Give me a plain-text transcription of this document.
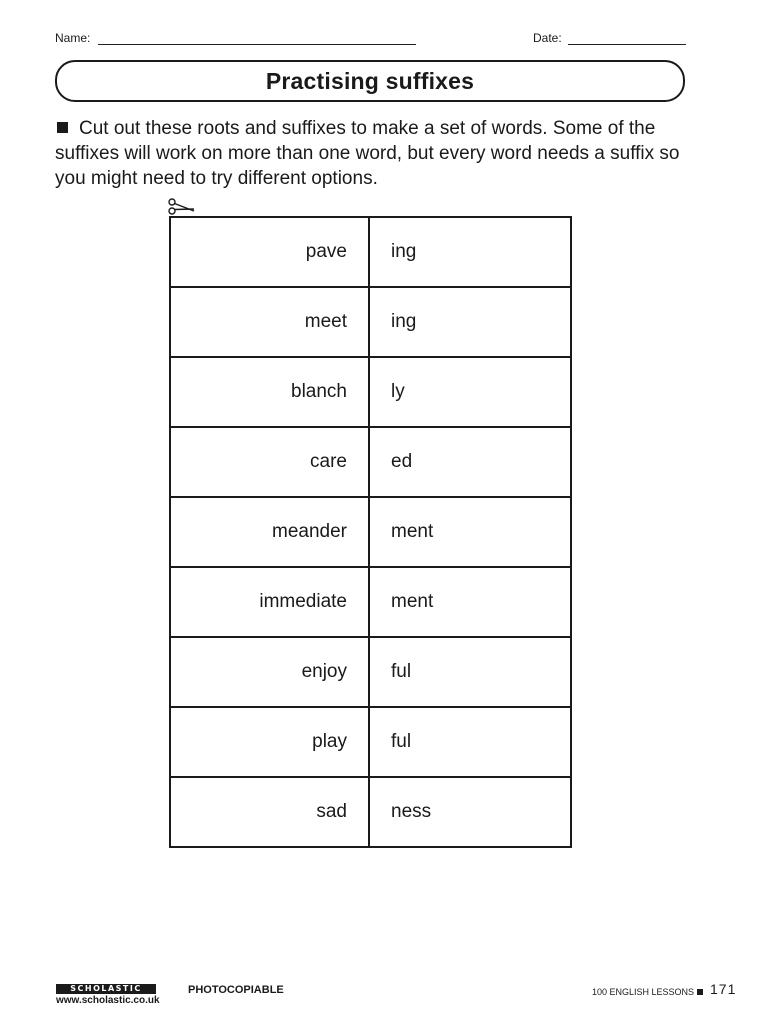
Name:	Date:
Practising suffixes

Cut out these roots and suffixes to make a set of words. Some of the suffixes will work on more than one word, but every word needs a suffix so you might need to try different options.

pave	ing
meet	ing
blanch	ly
care	ed
meander	ment
immediate	ment
enjoy	ful
play	ful
sad	ness
SCHOLASTIC
www.scholastic.co.uk
PHOTOCOPIABLE	100 ENGLISH LESSONS 171
